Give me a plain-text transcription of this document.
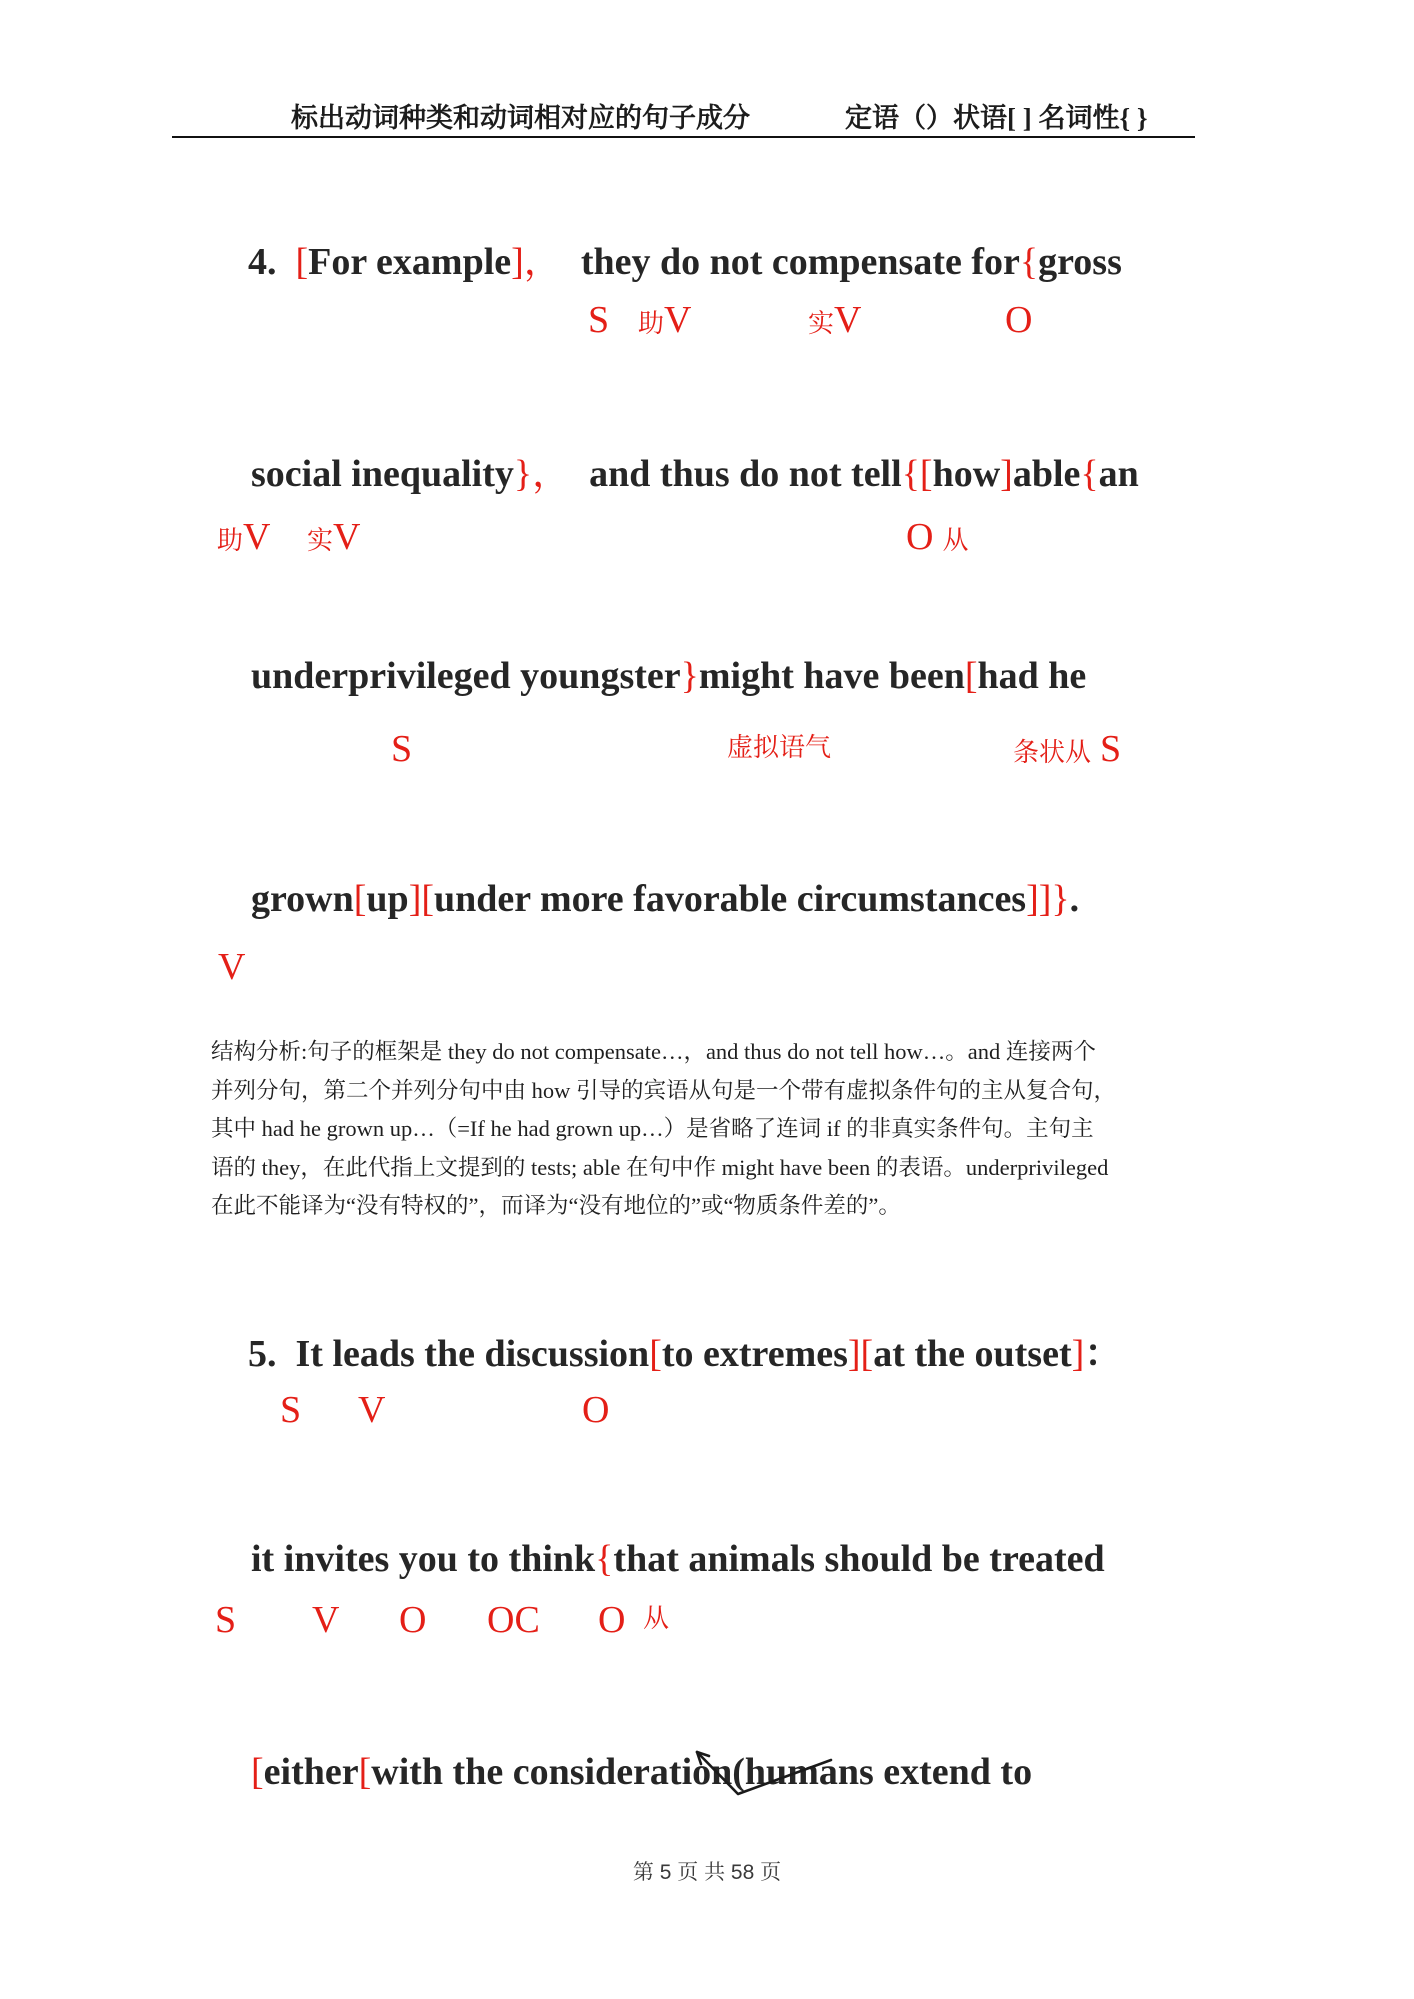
标出动词种类和动词相对应的句子成分	定语（）状语[ ] 名词性{ }

4.  [For example]，  they do not compensate for{gross

S 助V	实V	O

social inequality}，  and thus do not tell{[how]able{an

助V 实V	O 从

underprivileged youngster}might have been[had he

S	虚拟语气	条状从 S

grown[up][under more favorable circumstances]]}.

V
结构分析:句子的框架是 they do not compensate…，and thus do not tell how…。and 连接两个
并列分句，第二个并列分句中由 how 引导的宾语从句是一个带有虚拟条件句的主从复合句，
其中 had he grown up…（=If he had grown up…）是省略了连词 if 的非真实条件句。主句主
语的 they，在此代指上文提到的 tests; able 在句中作 might have been 的表语。underprivileged
在此不能译为“没有特权的”，而译为“没有地位的”或“物质条件差的”。

5.  It leads the discussion[to extremes][at the outset]：

S V	O

it invites you to think{that animals should be treated

S V O OC O 从

[either[with the consideration(humans extend to

第 5 页 共 58 页
